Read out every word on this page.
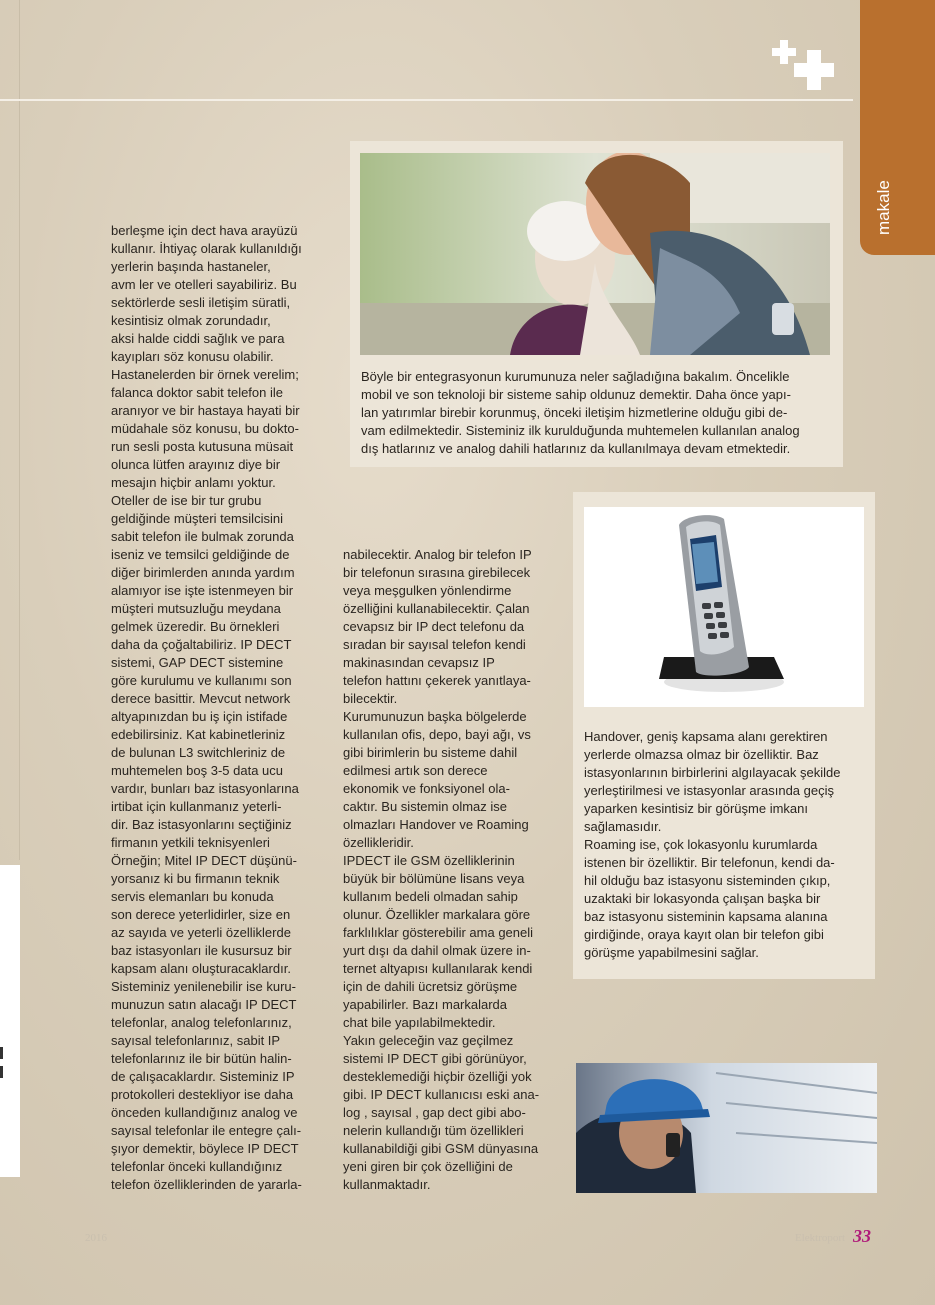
makale

berleşme için dect hava arayüzü

kullanır. İhtiyaç olarak kullanıldığı

yerlerin başında hastaneler,

avm ler ve otelleri sayabiliriz. Bu

sektörlerde sesli iletişim süratli,

kesintisiz olmak zorundadır,

aksi halde ciddi sağlık ve para

kayıpları söz konusu olabilir.

Hastanelerden bir örnek verelim;

falanca doktor sabit telefon ile

aranıyor ve bir hastaya hayati bir

müdahale söz konusu, bu dokto-

run sesli posta kutusuna müsait

olunca lütfen arayınız diye bir

mesajın hiçbir anlamı yoktur.

Oteller de ise bir tur grubu

geldiğinde müşteri temsilcisini

sabit telefon ile bulmak zorunda

iseniz ve temsilci geldiğinde de

diğer birimlerden anında yardım

alamıyor ise işte istenmeyen bir

müşteri mutsuzluğu meydana

gelmek üzeredir. Bu örnekleri

daha da çoğaltabiliriz. IP DECT

sistemi, GAP DECT sistemine

göre kurulumu ve kullanımı son

derece basittir. Mevcut network

altyapınızdan bu iş için istifade

edebilirsiniz. Kat kabinetleriniz

de bulunan L3 switchleriniz de

muhtemelen boş 3-5 data ucu

vardır, bunları baz istasyonlarına

irtibat için kullanmanız yeterli-

dir. Baz istasyonlarını seçtiğiniz

firmanın yetkili teknisyenleri

Örneğin; Mitel IP DECT düşünü-

yorsanız ki bu firmanın teknik

servis elemanları bu konuda

son derece yeterlidirler, size en

az sayıda ve yeterli özelliklerde

baz istasyonları ile kusursuz bir

kapsam alanı oluşturacaklardır.

Sisteminiz yenilenebilir ise kuru-

munuzun satın alacağı IP DECT

telefonlar, analog telefonlarınız,

sayısal telefonlarınız, sabit IP

telefonlarınız ile bir bütün halin-

de çalışacaklardır. Sisteminiz IP

protokolleri destekliyor ise daha

önceden kullandığınız analog ve

sayısal telefonlar ile entegre çalı-

şıyor demektir, böylece IP DECT

telefonlar önceki kullandığınız

telefon özelliklerinden de yararla-

nabilecektir. Analog bir telefon IP

bir telefonun sırasına girebilecek

veya meşgulken yönlendirme

özelliğini kullanabilecektir. Çalan

cevapsız bir IP dect telefonu da

sıradan bir sayısal telefon kendi

makinasından cevapsız IP

telefon hattını çekerek yanıtlaya-

bilecektir.

Kurumunuzun başka bölgelerde

kullanılan ofis, depo, bayi ağı, vs

gibi birimlerin bu sisteme dahil

edilmesi artık son derece

ekonomik ve fonksiyonel ola-

caktır. Bu sistemin olmaz ise

olmazları Handover ve Roaming

özellikleridir.

IPDECT ile GSM özelliklerinin

büyük bir bölümüne lisans veya

kullanım bedeli olmadan sahip

olunur. Özellikler markalara göre

farklılıklar gösterebilir ama geneli

yurt dışı da dahil olmak üzere in-

ternet altyapısı kullanılarak kendi

için de dahili ücretsiz görüşme

yapabilirler. Bazı markalarda

chat bile yapılabilmektedir.

Yakın geleceğin vaz geçilmez

sistemi IP DECT gibi görünüyor,

desteklemediği hiçbir özelliği yok

gibi. IP DECT kullanıcısı eski ana-

log , sayısal , gap dect gibi abo-

nelerin kullandığı tüm özellikleri

kullanabildiği gibi GSM dünyasına

yeni giren bir çok özelliğini de

kullanmaktadır.

Böyle bir entegrasyonun kurumunuza neler sağladığına bakalım. Öncelikle

mobil ve son teknoloji bir sisteme sahip oldunuz demektir. Daha önce yapı-

lan yatırımlar birebir korunmuş, önceki iletişim hizmetlerine olduğu gibi de-

vam edilmektedir. Sisteminiz ilk kurulduğunda muhtemelen kullanılan analog

dış hatlarınız ve analog dahili hatlarınız da kullanılmaya devam etmektedir.

Handover, geniş kapsama alanı gerektiren

yerlerde olmazsa olmaz bir özelliktir. Baz

istasyonlarının birbirlerini algılayacak şekilde

yerleştirilmesi ve istasyonlar arasında geçiş

yaparken kesintisiz bir görüşme imkanı

sağlamasıdır.

Roaming ise, çok lokasyonlu kurumlarda

istenen bir özelliktir. Bir telefonun, kendi da-

hil olduğu baz istasyonu sisteminden çıkıp,

uzaktaki bir lokasyonda çalışan başka bir

baz istasyonu sisteminin kapsama alanına

girdiğinde, oraya kayıt olan bir telefon gibi

görüşme yapabilmesini sağlar.

2016	Elektroport 33
